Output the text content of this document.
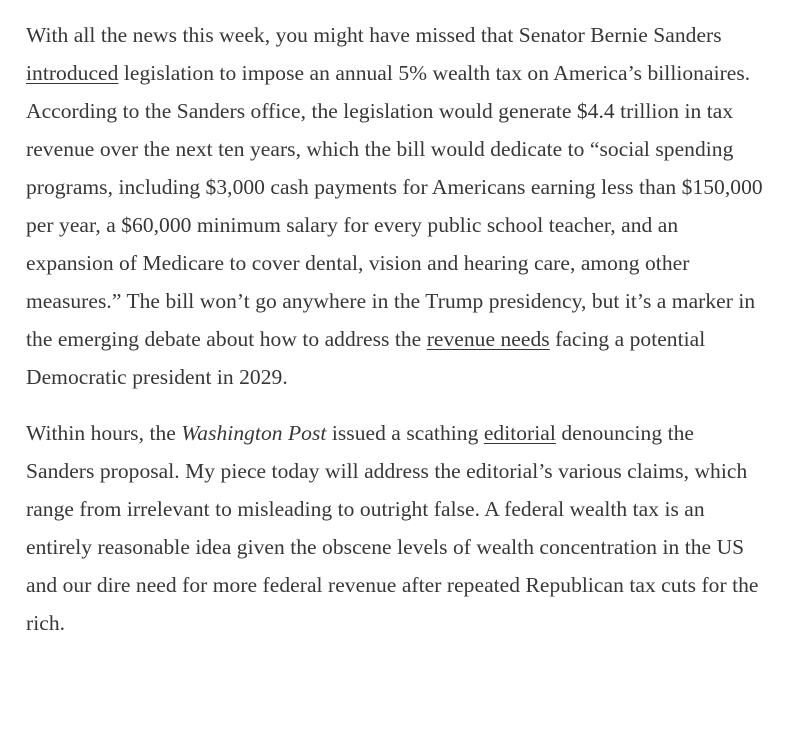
With all the news this week, you might have missed that Senator Bernie Sanders introduced legislation to impose an annual 5% wealth tax on America’s billionaires. According to the Sanders office, the legislation would generate $4.4 trillion in tax revenue over the next ten years, which the bill would dedicate to “social spending programs, including $3,000 cash payments for Americans earning less than $150,000 per year, a $60,000 minimum salary for every public school teacher, and an expansion of Medicare to cover dental, vision and hearing care, among other measures.” The bill won’t go anywhere in the Trump presidency, but it’s a marker in the emerging debate about how to address the revenue needs facing a potential Democratic president in 2029.

Within hours, the Washington Post issued a scathing editorial denouncing the Sanders proposal. My piece today will address the editorial’s various claims, which range from irrelevant to misleading to outright false. A federal wealth tax is an entirely reasonable idea given the obscene levels of wealth concentration in the US and our dire need for more federal revenue after repeated Republican tax cuts for the rich.
